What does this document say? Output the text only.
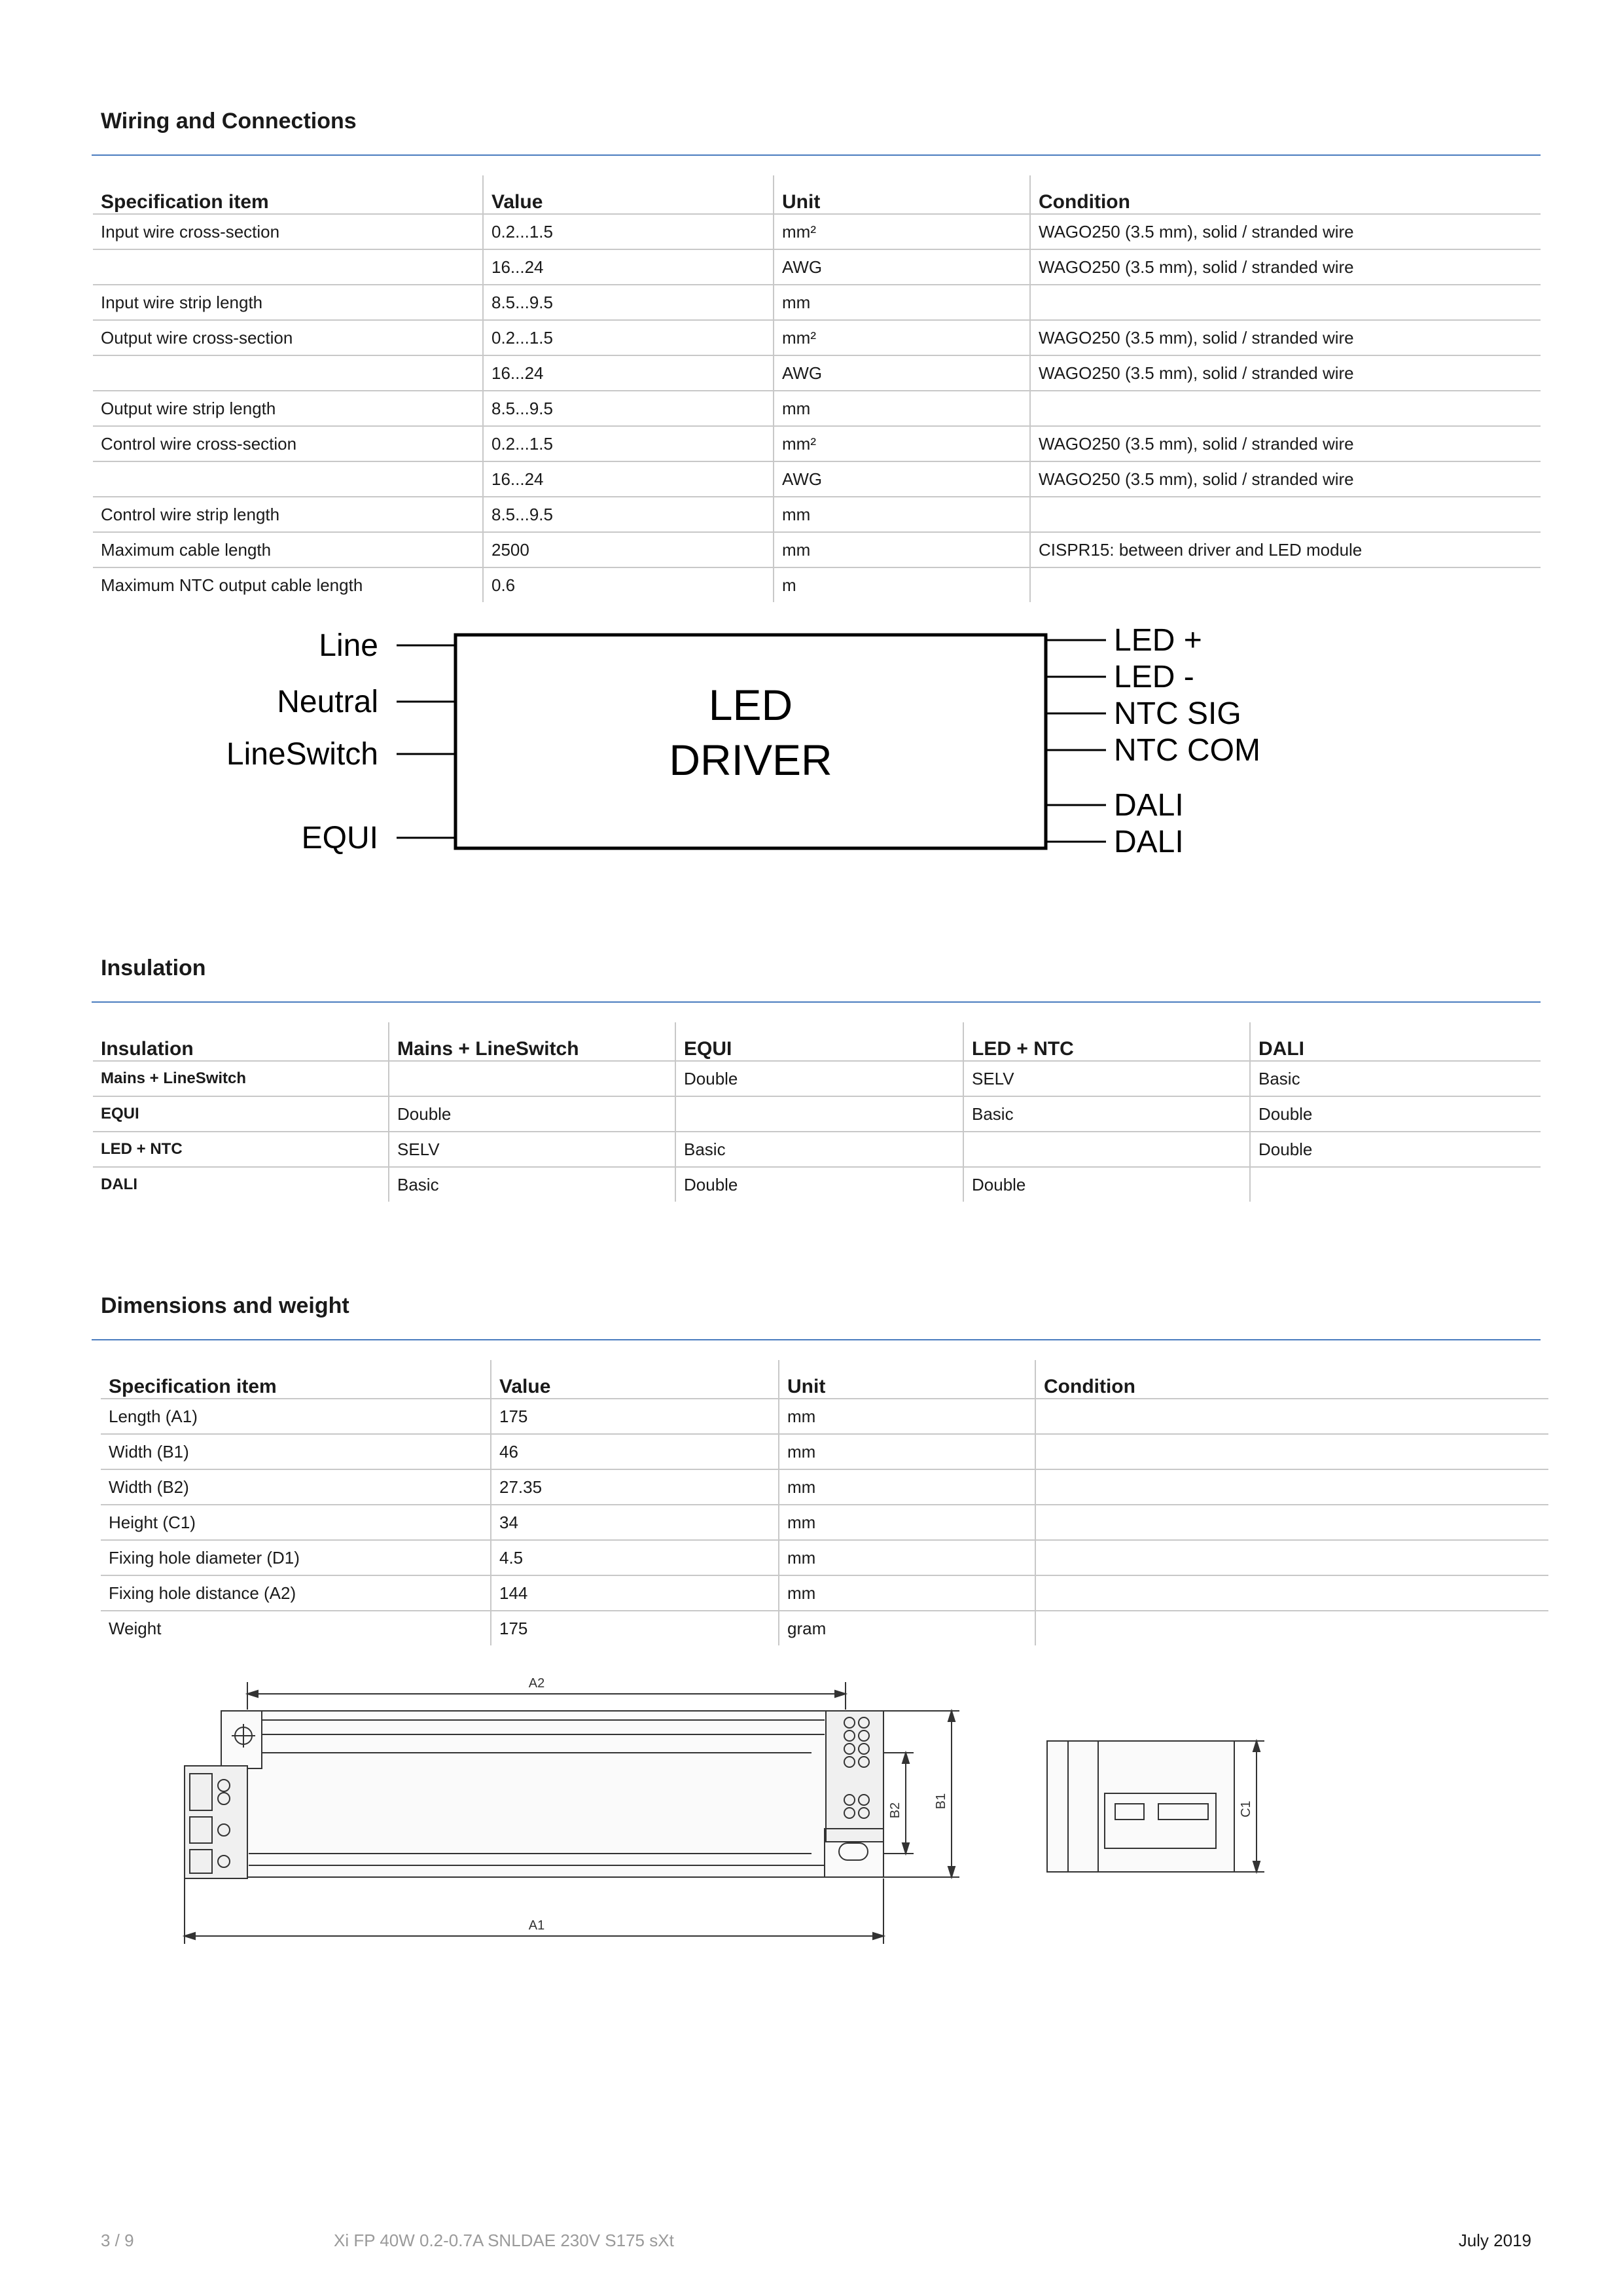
Wiring and Connections
Specification item	Value	Unit	Condition
Input wire cross-section	0.2...1.5	mm²	WAGO250 (3.5 mm), solid / stranded wire
	16...24	AWG	WAGO250 (3.5 mm), solid / stranded wire
Input wire strip length	8.5...9.5	mm	
Output wire cross-section	0.2...1.5	mm²	WAGO250 (3.5 mm), solid / stranded wire
	16...24	AWG	WAGO250 (3.5 mm), solid / stranded wire
Output wire strip length	8.5...9.5	mm	
Control wire cross-section	0.2...1.5	mm²	WAGO250 (3.5 mm), solid / stranded wire
	16...24	AWG	WAGO250 (3.5 mm), solid / stranded wire
Control wire strip length	8.5...9.5	mm	
Maximum cable length	2500	mm	CISPR15: between driver and LED module
Maximum NTC output cable length	0.6	m	
LED
DRIVER
Line
Neutral
LineSwitch
EQUI
LED +
LED -
NTC SIG
NTC COM
DALI
DALI
Insulation
Insulation	Mains + LineSwitch	EQUI	LED + NTC	DALI
Mains + LineSwitch		Double	SELV	Basic
EQUI	Double		Basic	Double
LED + NTC	SELV	Basic		Double
DALI	Basic	Double	Double	
Dimensions and weight
Specification item	Value	Unit	Condition
Length (A1)	175	mm	
Width (B1)	46	mm	
Width (B2)	27.35	mm	
Height (C1)	34	mm	
Fixing hole diameter (D1)	4.5	mm	
Fixing hole distance (A2)	144	mm	
Weight	175	gram	
A2
A1
B2
B1	C1
3 / 9	Xi FP 40W 0.2-0.7A SNLDAE 230V S175 sXt	July 2019
